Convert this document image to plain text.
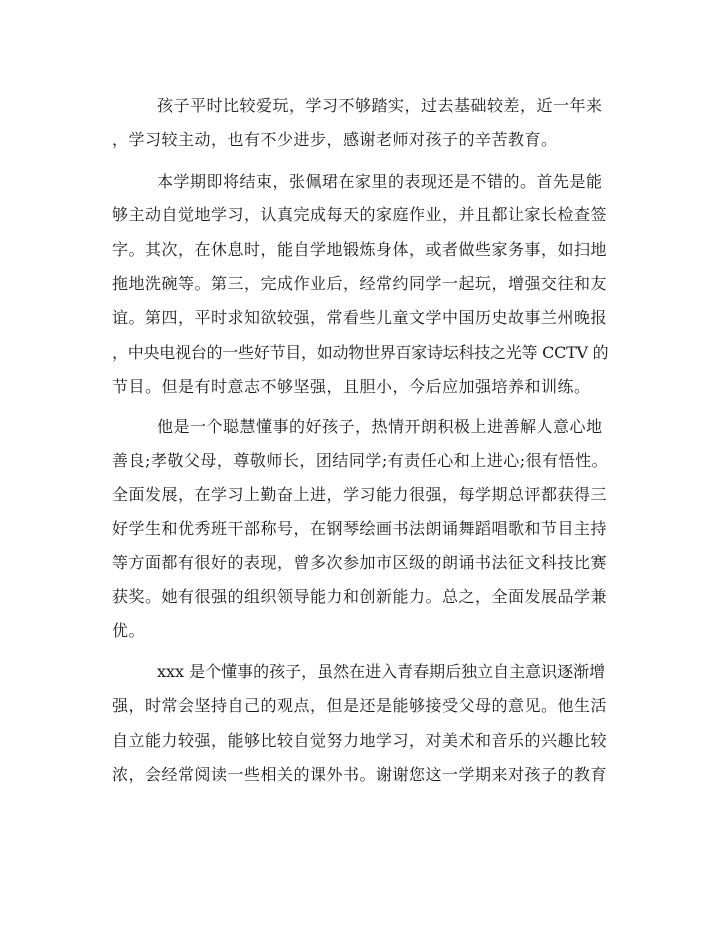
孩子平时比较爱玩，学习不够踏实，过去基础较差，近一年来
，学习较主动，也有不少进步，感谢老师对孩子的辛苦教育。
本学期即将结束，张佩珺在家里的表现还是不错的。首先是能
够主动自觉地学习，认真完成每天的家庭作业，并且都让家长检查签
字。其次，在休息时，能自学地锻炼身体，或者做些家务事，如扫地
拖地洗碗等。第三，完成作业后，经常约同学一起玩，增强交往和友
谊。第四，平时求知欲较强，常看些儿童文学中国历史故事兰州晚报
，中央电视台的一些好节目，如动物世界百家诗坛科技之光等 CCTV 的
节目。但是有时意志不够坚强，且胆小，今后应加强培养和训练。
他是一个聪慧懂事的好孩子，热情开朗积极上进善解人意心地
善良;孝敬父母，尊敬师长，团结同学;有责任心和上进心;很有悟性。
全面发展，在学习上勤奋上进，学习能力很强，每学期总评都获得三
好学生和优秀班干部称号，在钢琴绘画书法朗诵舞蹈唱歌和节目主持
等方面都有很好的表现，曾多次参加市区级的朗诵书法征文科技比赛
获奖。她有很强的组织领导能力和创新能力。总之，全面发展品学兼
优。
xxx 是个懂事的孩子，虽然在进入青春期后独立自主意识逐渐增
强，时常会坚持自己的观点，但是还是能够接受父母的意见。他生活
自立能力较强，能够比较自觉努力地学习，对美术和音乐的兴趣比较
浓，会经常阅读一些相关的课外书。谢谢您这一学期来对孩子的教育
